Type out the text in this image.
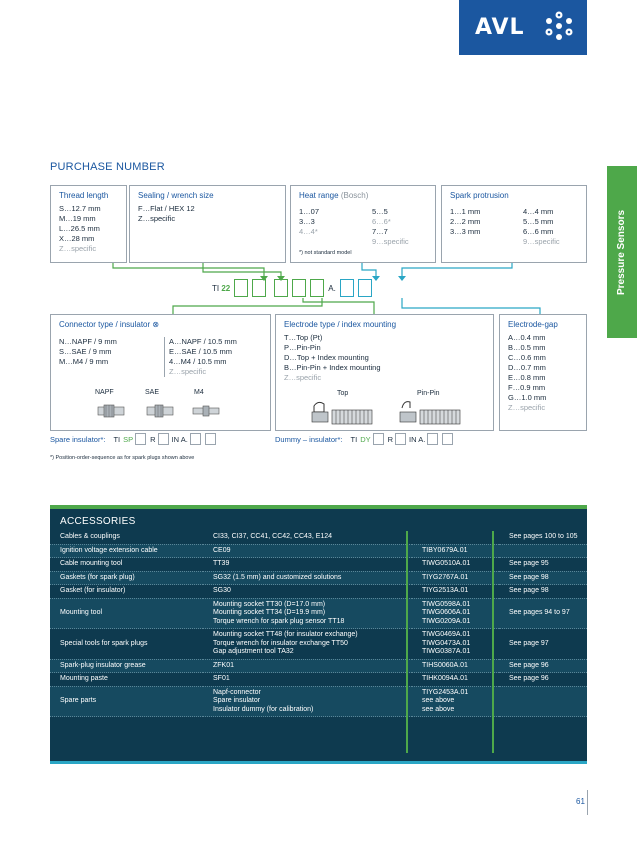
AVL
Pressure Sensors
PURCHASE NUMBER
Thread length
S…12.7 mm
M…19 mm
L…26.5 mm
X…28 mm
Z…specific
Sealing / wrench size
F…Flat / HEX 12
Z…specific
Heat range (Bosch)
1…07
3…3
4…4*
5…5
6…6*
7…7
9…specific
*) not standard model
Spark protrusion
1…1 mm
2…2 mm
3…3 mm
4…4 mm
5…5 mm
6…6 mm
9…specific
TI 22	A.
Connector type / insulator ⊗
N…NAPF / 9 mm
S…SAE / 9 mm
M…M4 / 9 mm
A…NAPF / 10.5 mm
E…SAE / 10.5 mm
4…M4 / 10.5 mm
Z…specific
NAPF	SAE	M4
Electrode type / index mounting
T…Top (Pt)
P…Pin-Pin
D…Top + Index mounting
B…Pin-Pin + Index mounting
Z…specific
Top	Pin-Pin
Electrode-gap
A…0.4 mm
B…0.5 mm
C…0.6 mm
D…0.7 mm
E…0.8 mm
F…0.9 mm
G…1.0 mm
Z…specific
Spare insulator*: TI SP R IN A.	Dummy – insulator*: TI DY R IN A.
*) Position-order-sequence as for spark plugs shown above
ACCESSORIES
Cables & couplings	CI33, CI37, CC41, CC42, CC43, E124		See pages 100 to 105
Ignition voltage extension cable	CE09	TIBY0679A.01	
Cable mounting tool	TT39	TIWG0510A.01	See page 95
Gaskets (for spark plug)	SG32 (1.5 mm) and customized solutions	TIYG2767A.01	See page 98
Gasket (for insulator)	SG30	TIYG2513A.01	See page 98
Mounting tool	Mounting socket TT30 (D=17.0 mm)
Mounting socket TT34 (D=19.9 mm)
Torque wrench for spark plug sensor TT18	TIWG0598A.01
TIWG0606A.01
TIWG0209A.01	See pages 94 to 97
Special tools for spark plugs	Mounting socket TT48 (for insulator exchange)
Torque wrench for insulator exchange TT50
Gap adjustment tool TA32	TIWG0469A.01
TIWG0473A.01
TIWG0387A.01	See page 97
Spark-plug insulator grease	ZFK01	TIHS0060A.01	See page 96
Mounting paste	SF01	TIHK0094A.01	See page 96
Spare parts	Napf-connector
Spare insulator
Insulator dummy (for calibration)	TIYG2453A.01
see above
see above	
61
